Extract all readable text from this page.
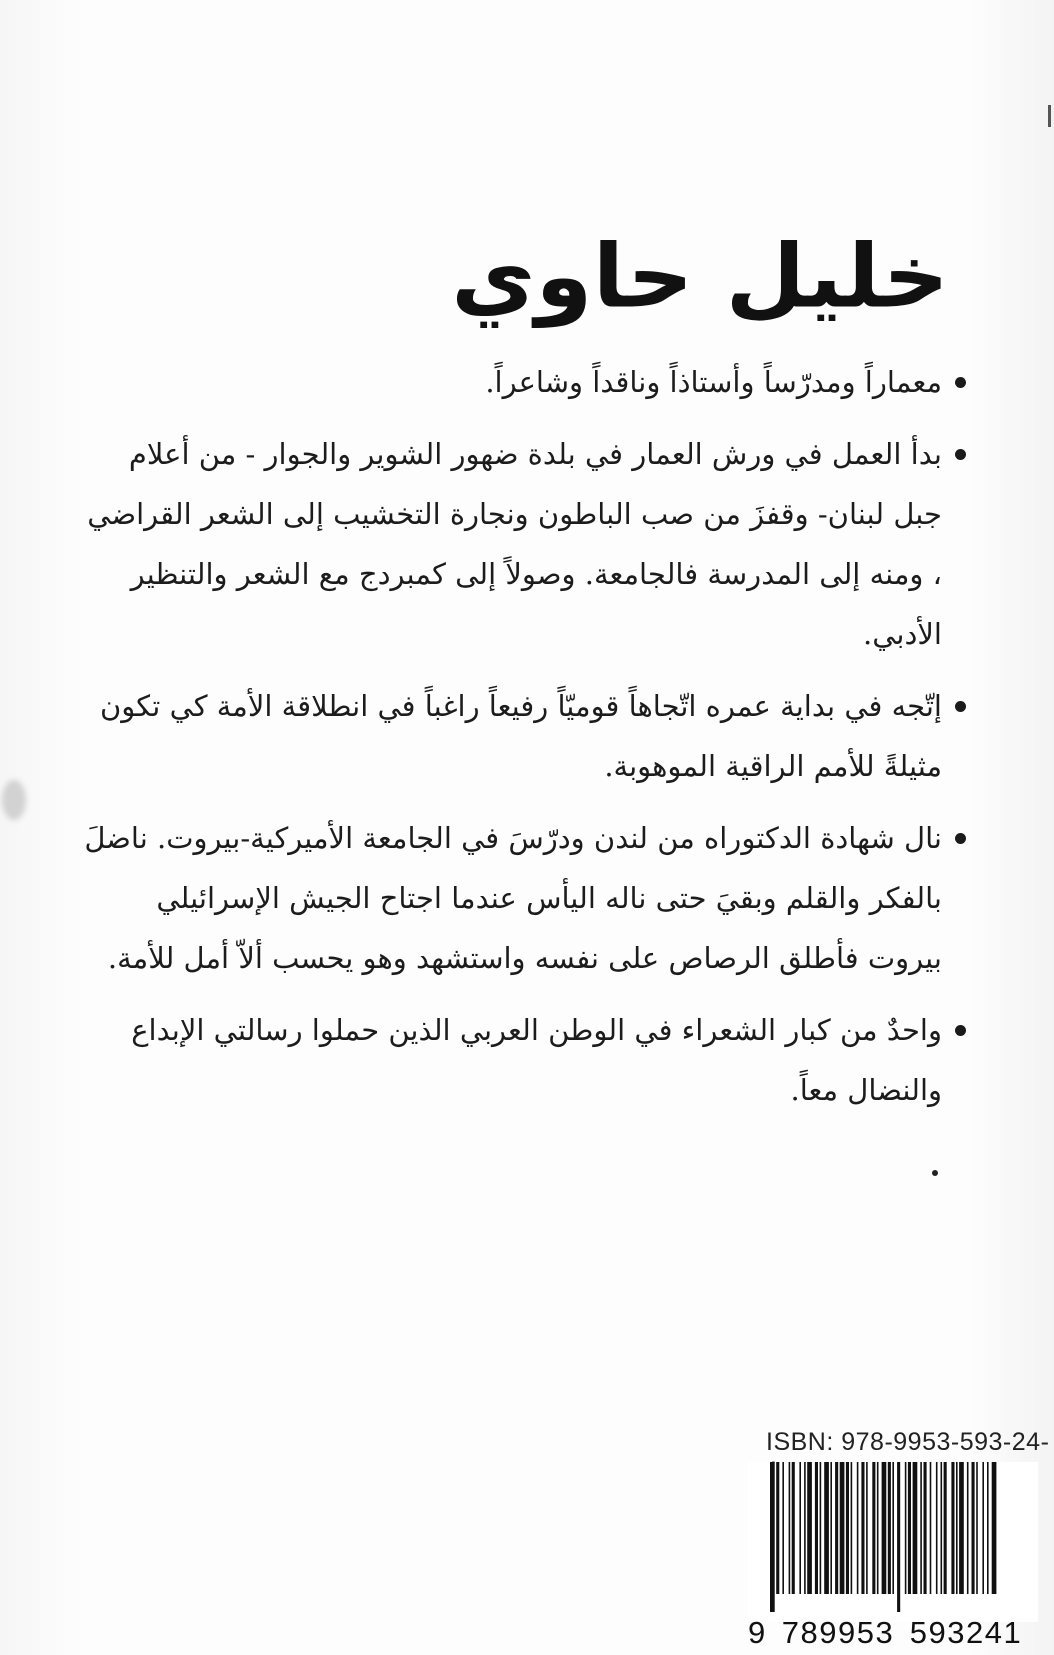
خليل حاوي
معماراً ومدرّساً وأستاذاً وناقداً وشاعراً.
بدأ العمل في ورش العمار في بلدة ضهور الشوير والجوار - من أعلام جبل لبنان- وقفزَ من صب الباطون ونجارة التخشيب إلى الشعر القراضي ، ومنه إلى المدرسة فالجامعة. وصولاً إلى كمبردج مع الشعر والتنظير الأدبي.
إتّجه في بداية عمره اتّجاهاً قوميّاً رفيعاً راغباً في انطلاقة الأمة كي تكون مثيلةً للأمم الراقية الموهوبة.
نال شهادة الدكتوراه من لندن ودرّسَ في الجامعة الأميركية-بيروت. ناضلَ بالفكر والقلم وبقيَ حتى ناله اليأس عندما اجتاح الجيش الإسرائيلي بيروت فأطلق الرصاص على نفسه واستشهد وهو يحسب ألاّ أمل للأمة.
واحدٌ من كبار الشعراء في الوطن العربي الذين حملوا رسالتي الإبداع والنضال معاً.
ISBN: 978-9953-593-24-
9 789953 593241
